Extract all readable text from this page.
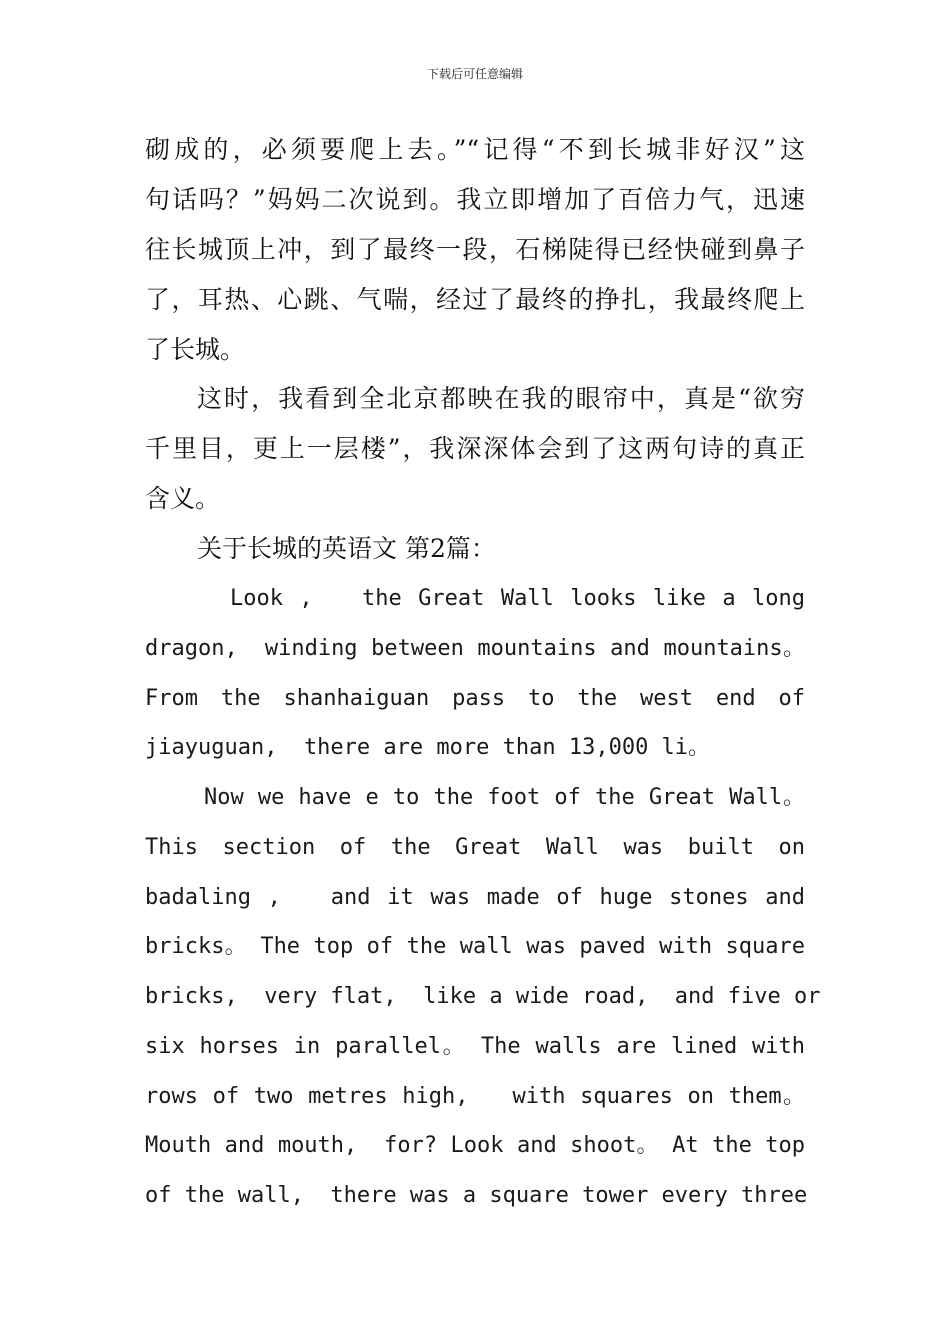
下载后可任意编辑
砌成的，必须要爬上去。”“记得“不到长城非好汉”这
句话吗？”妈妈二次说到。我立即增加了百倍力气，迅速
往长城顶上冲，到了最终一段，石梯陡得已经快碰到鼻子
了，耳热、心跳、气喘，经过了最终的挣扎，我最终爬上
了长城。
这时，我看到全北京都映在我的眼帘中，真是“欲穷
千里目，更上一层楼”，我深深体会到了这两句诗的真正
含义。
关于长城的英语文 第2篇：
Look ,   the Great Wall looks like a long
dragon,  winding between mountains and mountains。
From the shanhaiguan pass to the west end of
jiayuguan,  there are more than 13,000 li。
Now we have e to the foot of the Great Wall。
This section of the Great Wall was built on
badaling ,   and it was made of huge stones and
bricks。 The top of the wall was paved with square
bricks,  very flat,  like a wide road,  and five or
six horses in parallel。 The walls are lined with
rows of two metres high,   with squares on them。
Mouth and mouth,  for? Look and shoot。 At the top
of the wall,  there was a square tower every three
